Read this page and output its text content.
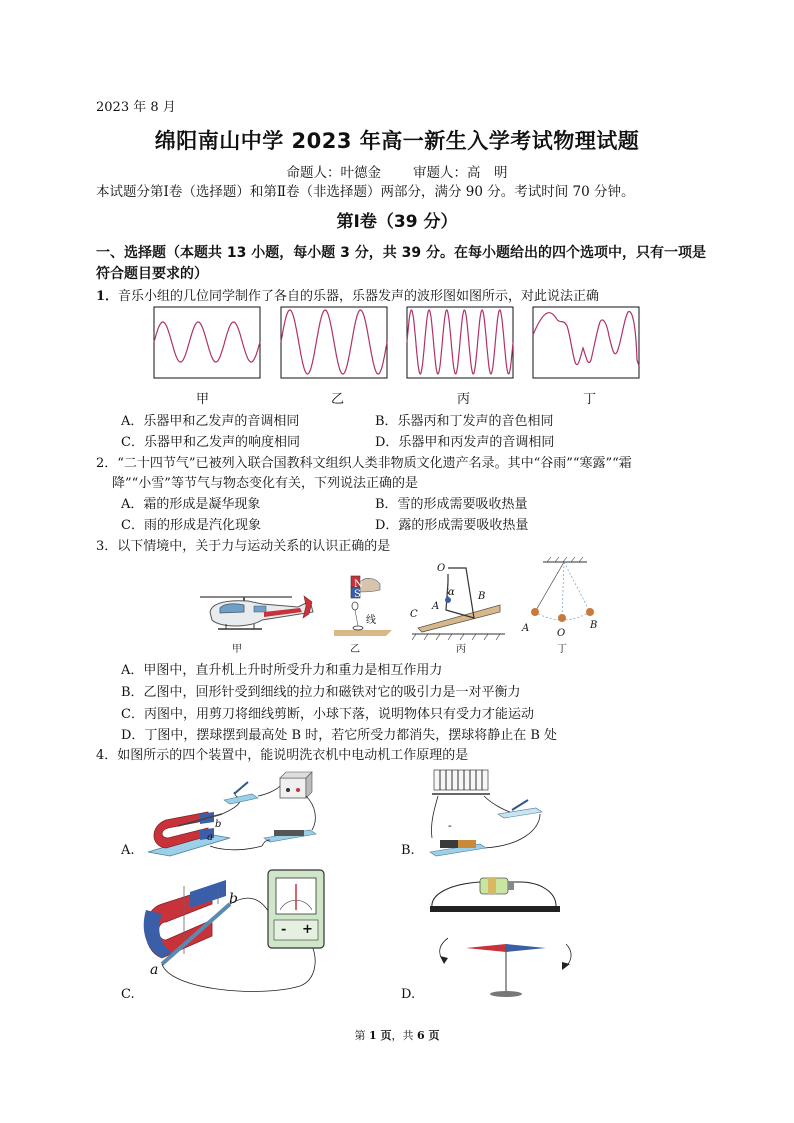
2023 年 8 月
绵阳南山中学 2023 年高一新生入学考试物理试题
命题人：叶德金 审题人：高　明
本试题分第Ⅰ卷（选择题）和第Ⅱ卷（非选择题）两部分，满分 90 分。考试时间 70 分钟。
第Ⅰ卷（39 分）
一、选择题（本题共 13 小题，每小题 3 分，共 39 分。在每小题给出的四个选项中，只有一项是符合题目要求的）
1．音乐小组的几位同学制作了各自的乐器，乐器发声的波形图如图所示，对此说法正确
甲	乙	丙	丁
A．乐器甲和乙发声的音调相同	B．乐器丙和丁发声的音色相同
C．乐器甲和乙发声的响度相同	D．乐器甲和丙发声的音调相同
2．“二十四节气”已被列入联合国教科文组织人类非物质文化遗产名录。其中“谷雨”“寒露”“霜
降”“小雪”等节气与物态变化有关，下列说法正确的是
A．霜的形成是凝华现象	B．雪的形成需要吸收热量
C．雨的形成是汽化现象	D．露的形成需要吸收热量
3．以下情境中，关于力与运动关系的认识正确的是
N
S
线
O
α
A
B
C
A	O
B
甲	乙	丙	丁
A．甲图中，直升机上升时所受升力和重力是相互作用力
B．乙图中，回形针受到细线的拉力和磁铁对它的吸引力是一对平衡力
C．丙图中，用剪刀将细线剪断，小球下落，说明物体只有受力才能运动
D．丁图中，摆球摆到最高处 B 时，若它所受力都消失，摆球将静止在 B 处
4．如图所示的四个装置中，能说明洗衣机中电动机工作原理的是
b
a
-
b
a
- +
A.	B.
C.	D.
第 1 页，共 6 页
